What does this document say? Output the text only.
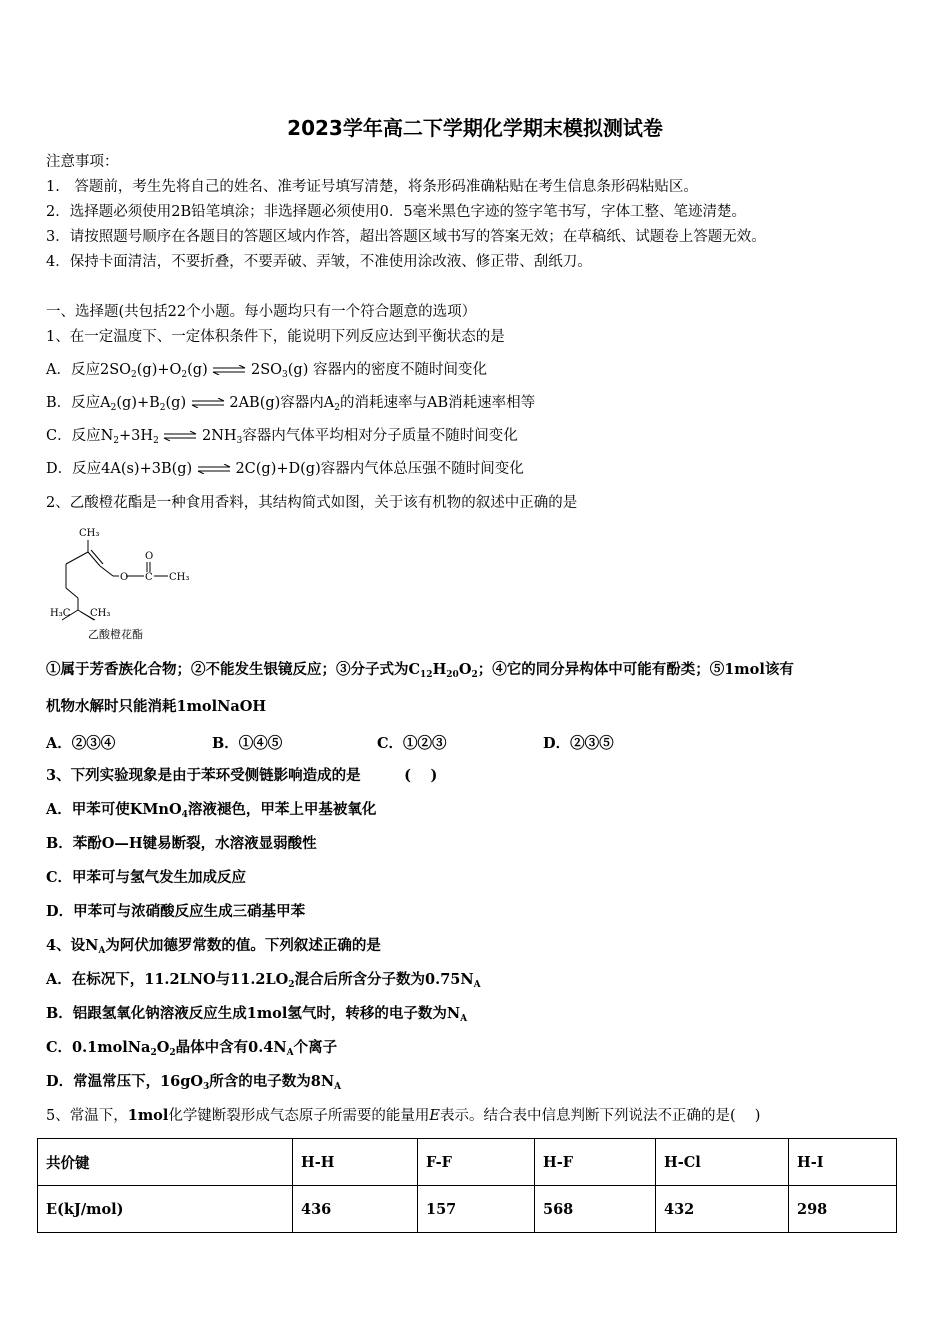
2023学年高二下学期化学期末模拟测试卷
注意事项：
1.　答题前，考生先将自己的姓名、准考证号填写清楚，将条形码准确粘贴在考生信息条形码粘贴区。
2．选择题必须使用2B铅笔填涂；非选择题必须使用0．5毫米黑色字迹的签字笔书写，字体工整、笔迹清楚。
3．请按照题号顺序在各题目的答题区域内作答，超出答题区域书写的答案无效；在草稿纸、试题卷上答题无效。
4．保持卡面清洁，不要折叠，不要弄破、弄皱，不准使用涂改液、修正带、刮纸刀。
一、选择题(共包括22个小题。每小题均只有一个符合题意的选项）
1、在一定温度下、一定体积条件下，能说明下列反应达到平衡状态的是
A．反应$2SO_2(g)+O_2(g)$ ⇌ $2SO_3(g)$ 容器内的密度不随时间变化
B．反应$A_2(g)+B_2(g)$ ⇌ 2AB(g)容器内$A_2$的消耗速率与AB消耗速率相等
C．反应$N_2+3H_2$ ⇌ $2NH_3$容器内气体平均相对分子质量不随时间变化
D．反应4A(s)+3B(g) ⇌ 2C(g)+D(g)容器内气体总压强不随时间变化
2、乙酸橙花酯是一种食用香料，其结构简式如图，关于该有机物的叙述中正确的是
CH₃
O
O
C CH₃
H₃C CH₃
乙酸橙花酯
①属于芳香族化合物；②不能发生银镜反应；③分子式为$C_{12}H_{20}O_2$；④它的同分异构体中可能有酚类；⑤1mol该有
机物水解时只能消耗1molNaOH
A．②③④	B．①④⑤	C．①②③	D．②③⑤
3、下列实验现象是由于苯环受侧链影响造成的是　　　(　 )
A．甲苯可使KMnO$_4$溶液褪色，甲苯上甲基被氧化
B．苯酚O—H键易断裂，水溶液显弱酸性
C．甲苯可与氢气发生加成反应
D．甲苯可与浓硝酸反应生成三硝基甲苯
4、设$N_A$为阿伏加德罗常数的值。下列叙述正确的是
A．在标况下，11.2LNO与$11.2LO_2$混合后所含分子数为$0.75N_A$
B．铝跟氢氧化钠溶液反应生成1mol氢气时，转移的电子数为$N_A$
C．$0.1molNa_2O_2$晶体中含有$0.4N_A$个离子
D．常温常压下，$16gO_3$所含的电子数为$8N_A$
5、常温下，1mol化学键断裂形成气态原子所需要的能量用E表示。结合表中信息判断下列说法不正确的是(　 )
共价键	H-H	F-F	H-F	H-Cl	H-I
E(kJ/mol)	436	157	568	432	298
